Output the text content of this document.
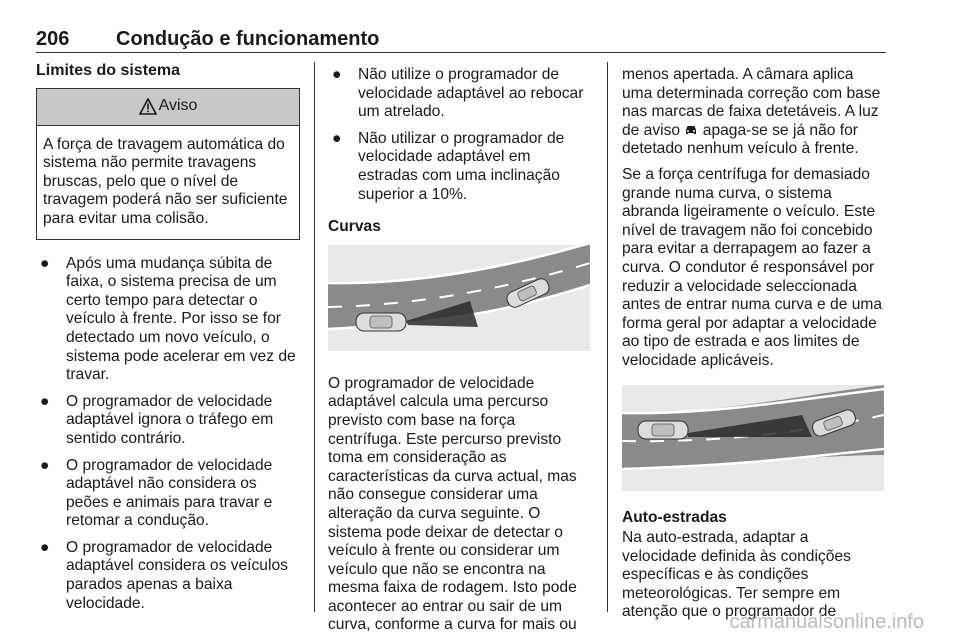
206 Condução e funcionamento
Limites do sistema
Aviso
A força de travagem automática do sistema não permite travagens bruscas, pelo que o nível de travagem poderá não ser suficiente para evitar uma colisão.
● Após uma mudança súbita de faixa, o sistema precisa de um certo tempo para detectar o veículo à frente. Por isso se for detectado um novo veículo, o sistema pode acelerar em vez de travar.
● O programador de velocidade adaptável ignora o tráfego em sentido contrário.
● O programador de velocidade adaptável não considera os peões e animais para travar e retomar a condução.
● O programador de velocidade adaptável considera os veículos parados apenas a baixa velocidade.
● Não utilize o programador de velocidade adaptável ao rebocar um atrelado.
● Não utilizar o programador de velocidade adaptável em estradas com uma inclinação superior a 10%.
Curvas

O programador de velocidade adaptável calcula uma percurso previsto com base na força centrífuga. Este percurso previsto toma em consideração as características da curva actual, mas não consegue considerar uma alteração da curva seguinte. O sistema pode deixar de detectar o veículo à frente ou considerar um veículo que não se encontra na mesma faixa de rodagem. Isto pode acontecer ao entrar ou sair de um curva, conforme a curva for mais ou

menos apertada. A câmara aplica uma determinada correção com base nas marcas de faixa detetáveis. A luz de aviso apaga-se se já não for detetado nenhum veículo à frente.

Se a força centrífuga for demasiado grande numa curva, o sistema abranda ligeiramente o veículo. Este nível de travagem não foi concebido para evitar a derrapagem ao fazer a curva. O condutor é responsável por reduzir a velocidade seleccionada antes de entrar numa curva e de uma forma geral por adaptar a velocidade ao tipo de estrada e aos limites de velocidade aplicáveis.

Auto-estradas

Na auto-estrada, adaptar a velocidade definida às condições específicas e às condições meteorológicas. Ter sempre em atenção que o programador de

carmanualsonline.info
